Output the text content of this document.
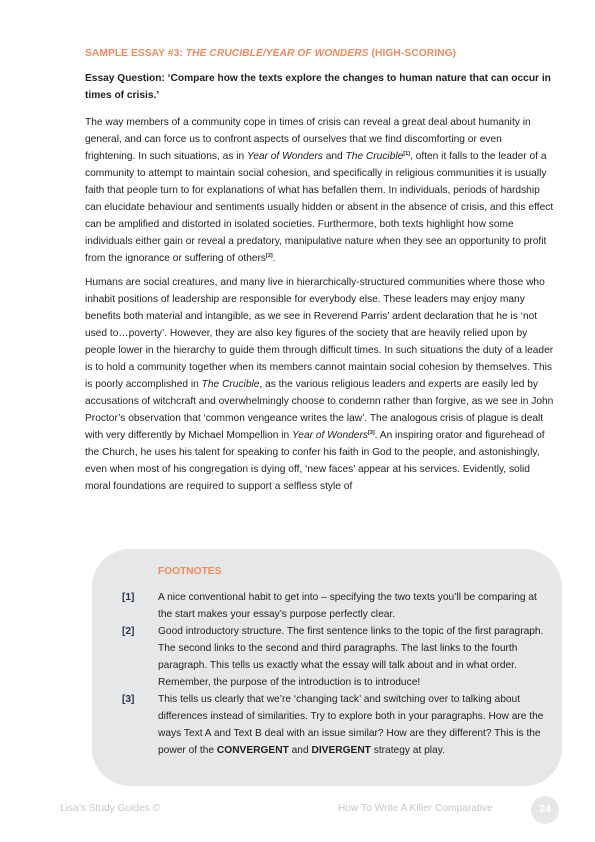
SAMPLE ESSAY #3: THE CRUCIBLE/YEAR OF WONDERS (HIGH-SCORING)

Essay Question: ‘Compare how the texts explore the changes to human nature that can occur in times of crisis.’

The way members of a community cope in times of crisis can reveal a great deal about humanity in general, and can force us to confront aspects of ourselves that we find discomforting or even frightening. In such situations, as in Year of Wonders and The Crucible[1], often it falls to the leader of a community to attempt to maintain social cohesion, and specifically in religious communities it is usually faith that people turn to for explanations of what has befallen them. In individuals, periods of hardship can elucidate behaviour and sentiments usually hidden or absent in the absence of crisis, and this effect can be amplified and distorted in isolated societies. Furthermore, both texts highlight how some individuals either gain or reveal a predatory, manipulative nature when they see an opportunity to profit from the ignorance or suffering of others[2].

Humans are social creatures, and many live in hierarchically-structured communities where those who inhabit positions of leadership are responsible for everybody else. These leaders may enjoy many benefits both material and intangible, as we see in Reverend Parris’ ardent declaration that he is ‘not used to…poverty’. However, they are also key figures of the society that are heavily relied upon by people lower in the hierarchy to guide them through difficult times. In such situations the duty of a leader is to hold a community together when its members cannot maintain social cohesion by themselves. This is poorly accomplished in The Crucible, as the various religious leaders and experts are easily led by accusations of witchcraft and overwhelmingly choose to condemn rather than forgive, as we see in John Proctor’s observation that ‘common vengeance writes the law’. The analogous crisis of plague is dealt with very differently by Michael Mompellion in Year of Wonders[3]. An inspiring orator and figurehead of the Church, he uses his talent for speaking to confer his faith in God to the people, and astonishingly, even when most of his congregation is dying off, ‘new faces’ appear at his services. Evidently, solid moral foundations are required to support a selfless style of

FOOTNOTES
[1] A nice conventional habit to get into – specifying the two texts you’ll be comparing at the start makes your essay’s purpose perfectly clear.
[2] Good introductory structure. The first sentence links to the topic of the first paragraph. The second links to the second and third paragraphs. The last links to the fourth paragraph. This tells us exactly what the essay will talk about and in what order. Remember, the purpose of the introduction is to introduce!
[3] This tells us clearly that we’re ‘changing tack’ and switching over to talking about differences instead of similarities. Try to explore both in your paragraphs. How are the ways Text A and Text B deal with an issue similar? How are they different? This is the power of the CONVERGENT and DIVERGENT strategy at play.
Lisa’s Study Guides ©	How To Write A Killer Comparative	24
